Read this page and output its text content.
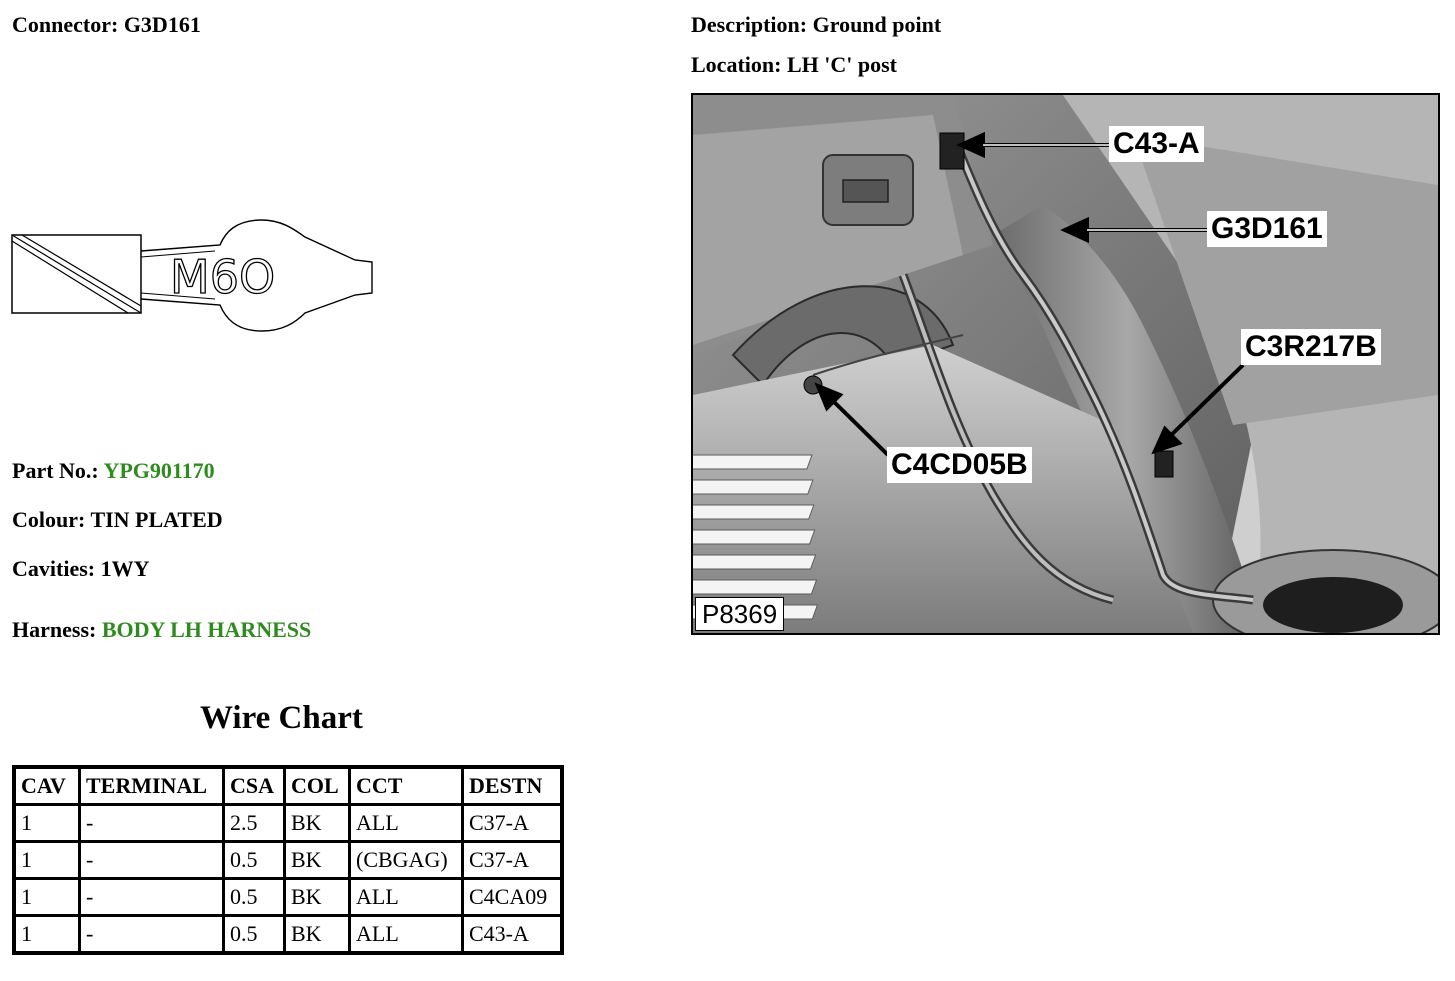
Connector: G3D161	Description: Ground point
Location: LH 'C' post
M6O
Part No.: YPG901170
Colour: TIN PLATED
Cavities: 1WY
Harness: BODY LH HARNESS
C43-A
G3D161
C3R217B
C4CD05B
P8369
Wire Chart
CAV	TERMINAL	CSA	COL	CCT	DESTN
1	-	2.5	BK	ALL	C37-A
1	-	0.5	BK	(CBGAG)	C37-A
1	-	0.5	BK	ALL	C4CA09
1	-	0.5	BK	ALL	C43-A
